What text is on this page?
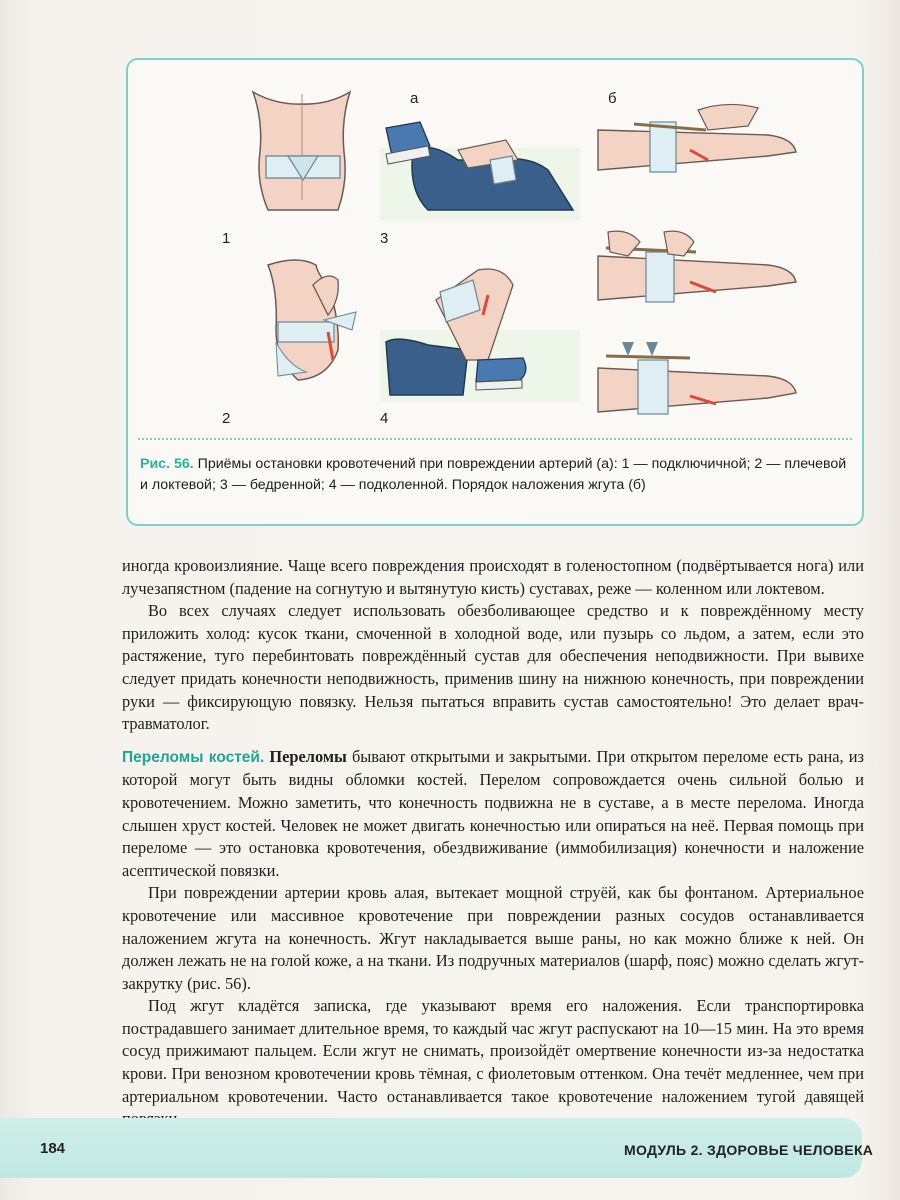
а	б
1	3
2	4
Рис. 56. Приёмы остановки кровотечений при повреждении артерий (а): 1 — подключичной; 2 — плечевой и локтевой; 3 — бедренной; 4 — подколенной. Порядок наложения жгута (б)

иногда кровоизлияние. Чаще всего повреждения происходят в голеностопном (подвёртывается нога) или лучезапястном (падение на согнутую и вытянутую кисть) суставах, реже — коленном или локтевом.

Во всех случаях следует использовать обезболивающее средство и к повреждённому месту приложить холод: кусок ткани, смоченной в холодной воде, или пузырь со льдом, а затем, если это растяжение, туго перебинтовать повреждённый сустав для обеспечения неподвижности. При вывихе следует придать конечности неподвижность, применив шину на нижнюю конечность, при повреждении руки — фиксирующую повязку. Нельзя пытаться вправить сустав самостоятельно! Это делает врач-травматолог.

Переломы костей. Переломы бывают открытыми и закрытыми. При открытом переломе есть рана, из которой могут быть видны обломки костей. Перелом сопровождается очень сильной болью и кровотечением. Можно заметить, что конечность подвижна не в суставе, а в месте перелома. Иногда слышен хруст костей. Человек не может двигать конечностью или опираться на неё. Первая помощь при переломе — это остановка кровотечения, обездвиживание (иммобилизация) конечности и наложение асептической повязки.

При повреждении артерии кровь алая, вытекает мощной струёй, как бы фонтаном. Артериальное кровотечение или массивное кровотечение при повреждении разных сосудов останавливается наложением жгута на конечность. Жгут накладывается выше раны, но как можно ближе к ней. Он должен лежать не на голой коже, а на ткани. Из подручных материалов (шарф, пояс) можно сделать жгут-закрутку (рис. 56).

Под жгут кладётся записка, где указывают время его наложения. Если транспортировка пострадавшего занимает длительное время, то каждый час жгут распускают на 10—15 мин. На это время сосуд прижимают пальцем. Если жгут не снимать, произойдёт омертвение конечности из-за недостатка крови. При венозном кровотечении кровь тёмная, с фиолетовым оттенком. Она течёт медленнее, чем при артериальном кровотечении. Часто останавливается такое кровотечение наложением тугой давящей

184	МОДУЛЬ 2. ЗДОРОВЬЕ ЧЕЛОВЕКА
